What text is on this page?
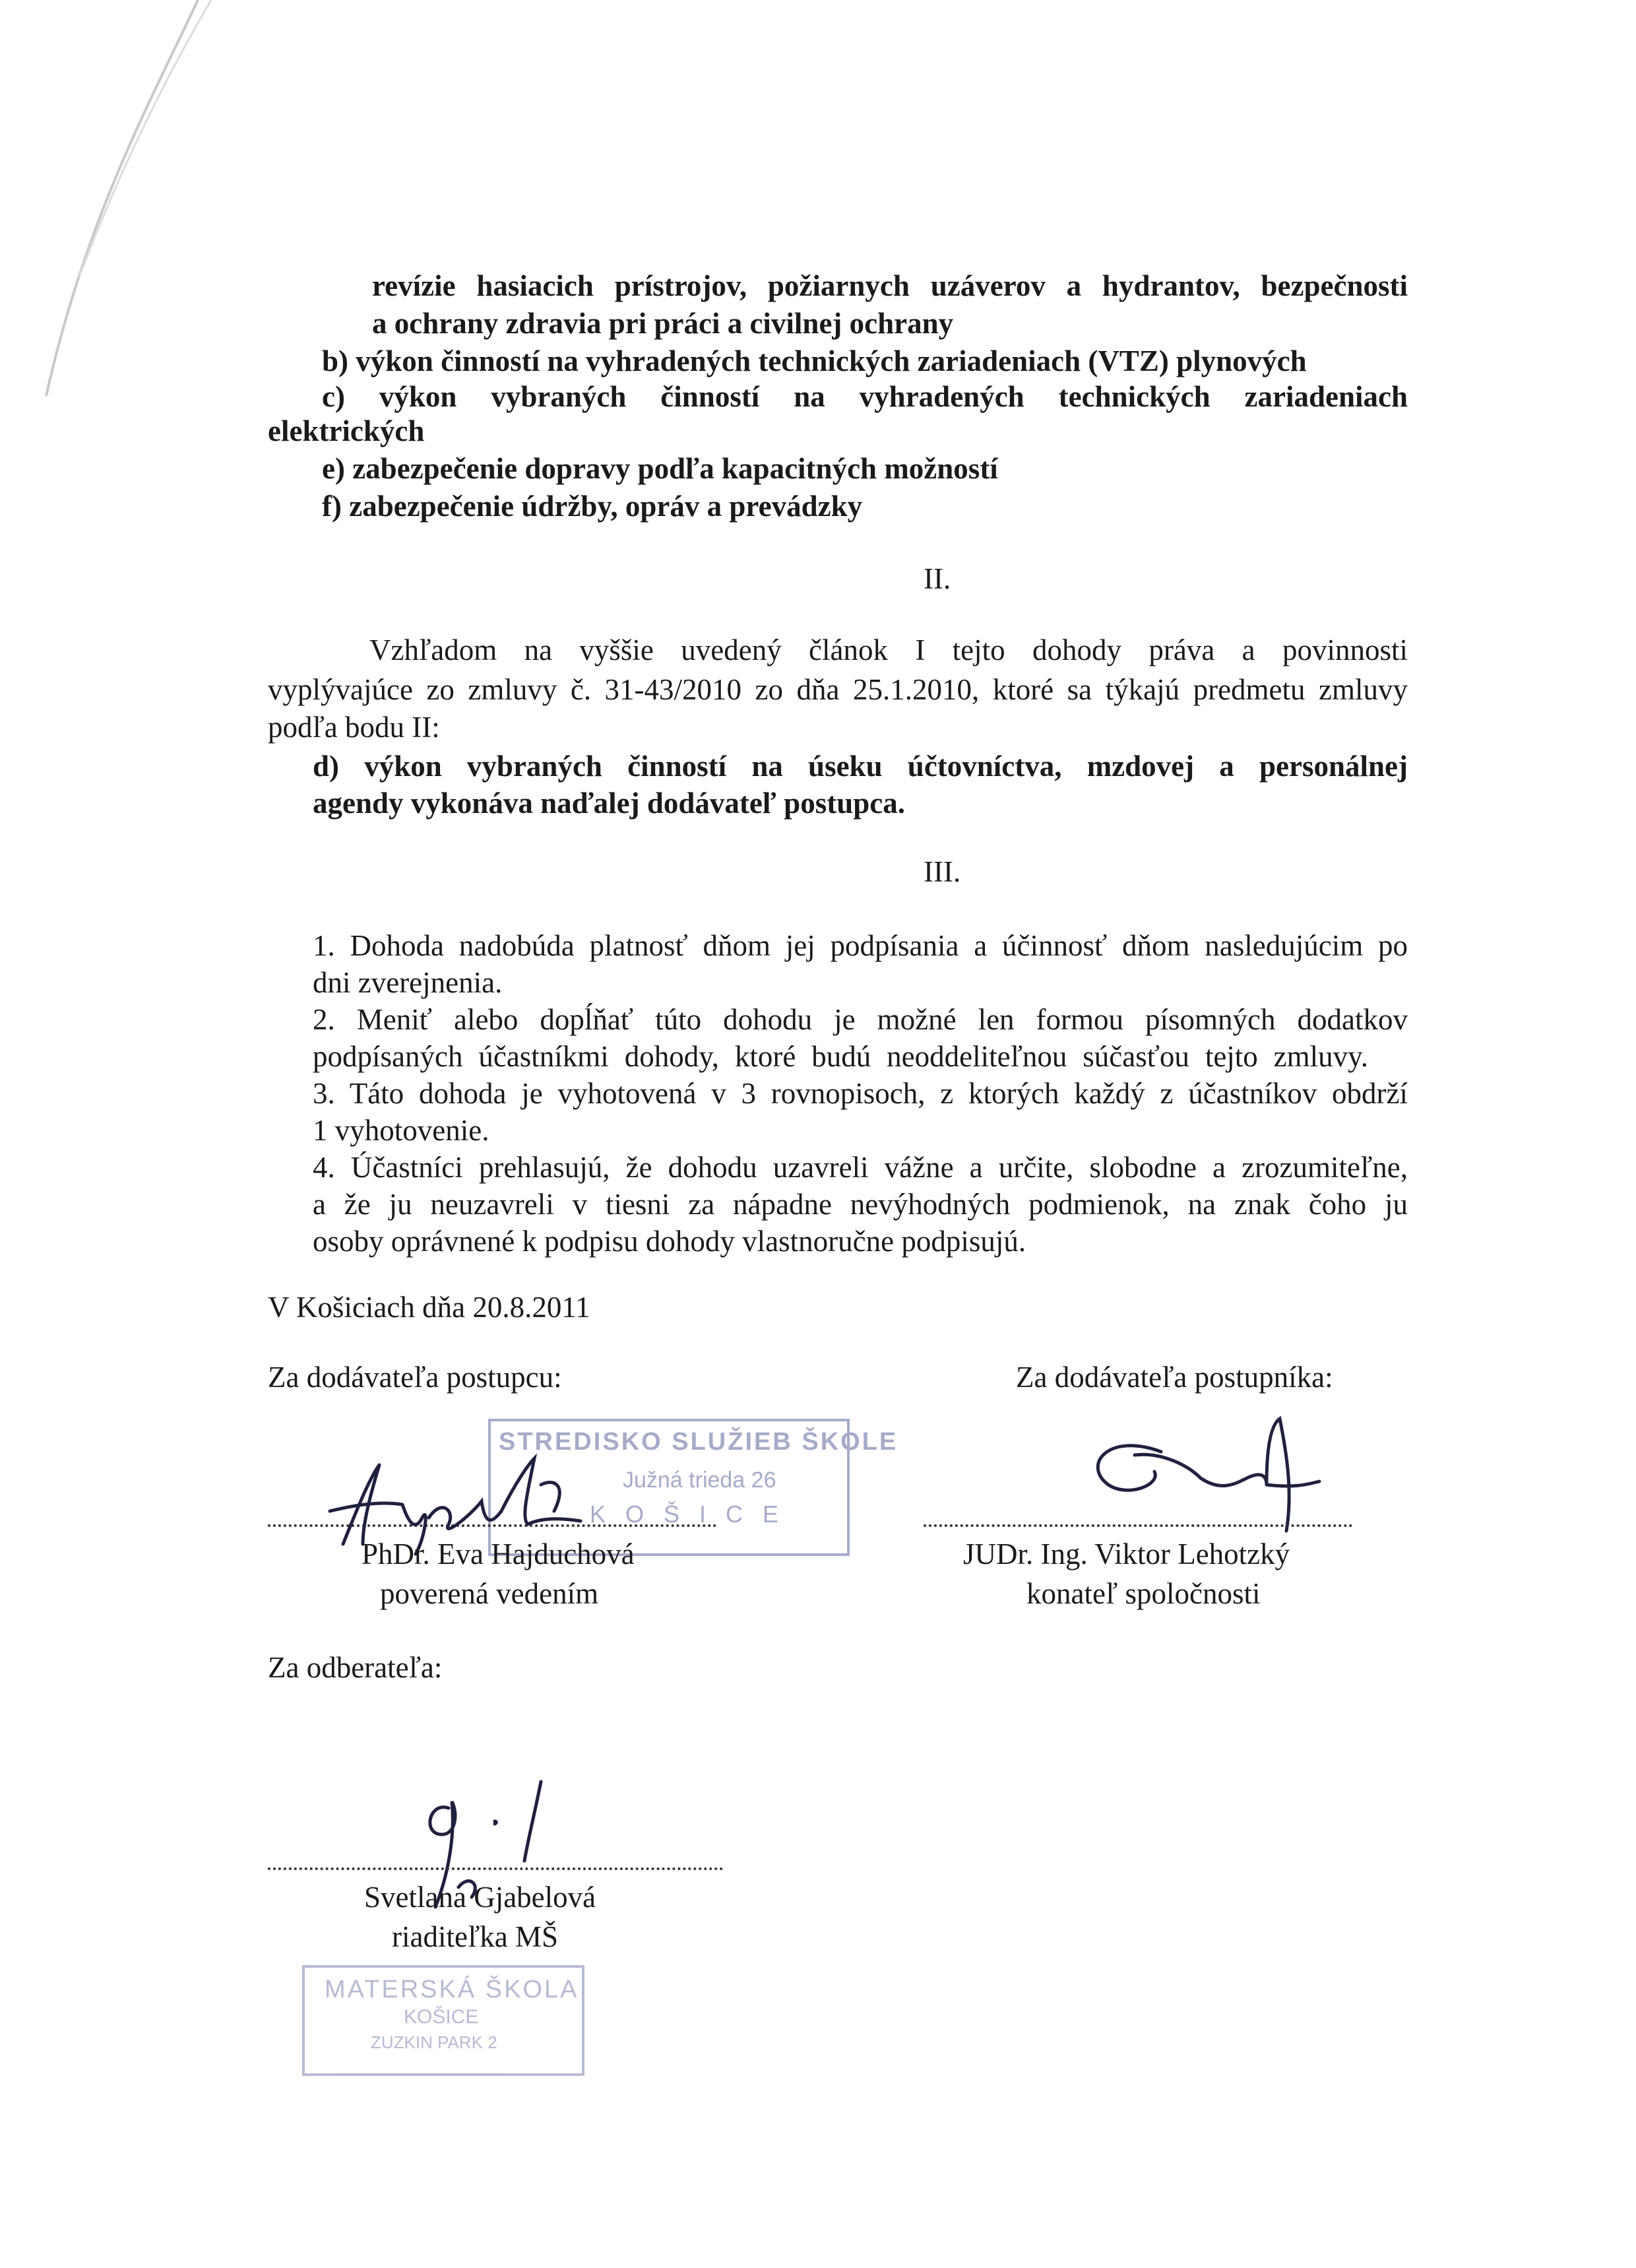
revízie hasiacich prístrojov, požiarnych uzáverov a hydrantov, bezpečnosti
a ochrany zdravia pri práci a civilnej ochrany
b) výkon činností na vyhradených technických zariadeniach (VTZ) plynových
c) výkon vybraných činností na vyhradených technických zariadeniach
elektrických
e) zabezpečenie dopravy podľa kapacitných možností
f) zabezpečenie údržby, opráv a prevádzky
II.
Vzhľadom na vyššie uvedený článok I tejto dohody práva a povinnosti
vyplývajúce zo zmluvy č. 31-43/2010 zo dňa 25.1.2010, ktoré sa týkajú predmetu zmluvy
podľa bodu II:
d) výkon vybraných činností na úseku účtovníctva, mzdovej a personálnej
agendy vykonáva naďalej dodávateľ postupca.
III.
1. Dohoda nadobúda platnosť dňom jej podpísania a účinnosť dňom nasledujúcim po
dni zverejnenia.
2. Meniť alebo dopĺňať túto dohodu je možné len formou písomných dodatkov
podpísaných účastníkmi dohody, ktoré budú neoddeliteľnou súčasťou tejto zmluvy.
3. Táto dohoda je vyhotovená v 3 rovnopisoch, z ktorých každý z účastníkov obdrží
1 vyhotovenie.
4. Účastníci prehlasujú, že dohodu uzavreli vážne a určite, slobodne a zrozumiteľne,
a že ju neuzavreli v tiesni za nápadne nevýhodných podmienok, na znak čoho ju
osoby oprávnené k podpisu dohody vlastnoručne podpisujú.
V Košiciach dňa 20.8.2011
Za dodávateľa postupcu:
STREDISKO SLUŽIEB ŠKOLE
Južná trieda 26
K O Š I C E
PhDr. Eva Hajduchová
poverená vedením
Za dodávateľa postupníka:
JUDr. Ing. Viktor Lehotzký
konateľ spoločnosti
Za odberateľa:
Svetlana Gjabelová
riaditeľka MŠ
MATERSKÁ ŠKOLA
KOŠICE
ZUZKIN PARK 2
